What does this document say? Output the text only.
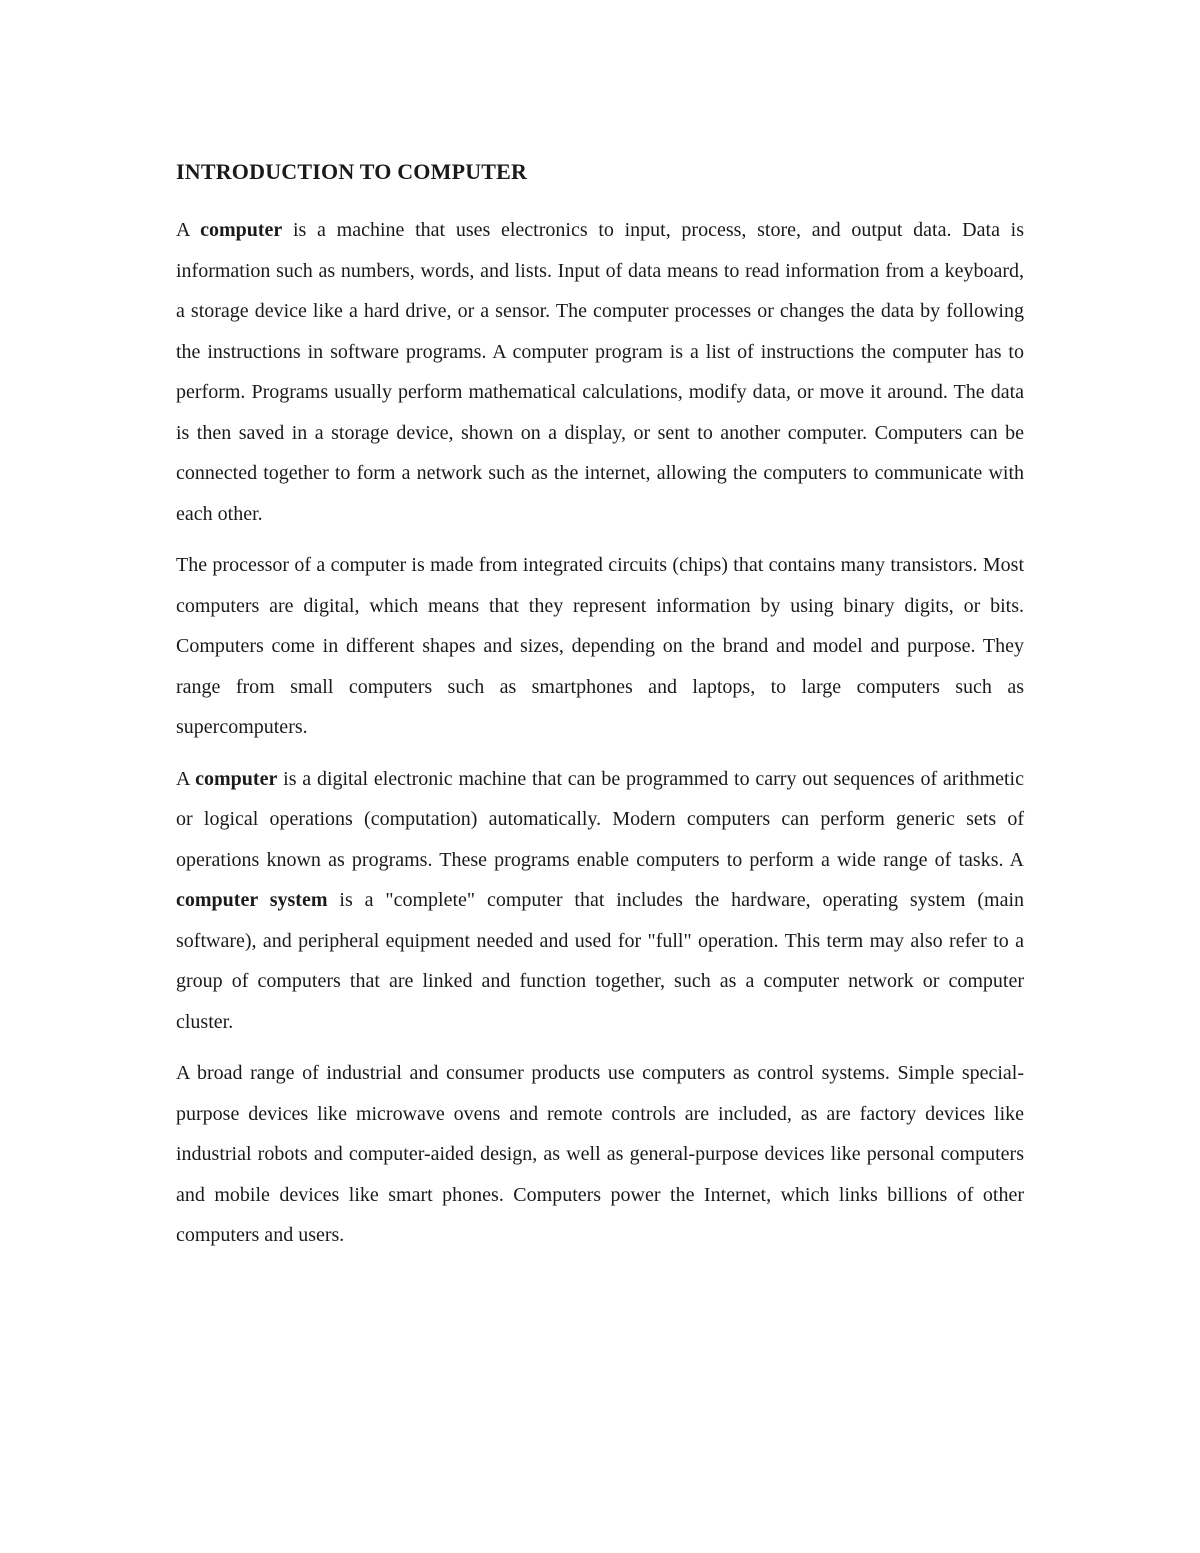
INTRODUCTION TO COMPUTER

A computer is a machine that uses electronics to input, process, store, and output data. Data is information such as numbers, words, and lists. Input of data means to read information from a keyboard, a storage device like a hard drive, or a sensor. The computer processes or changes the data by following the instructions in software programs. A computer program is a list of instructions the computer has to perform. Programs usually perform mathematical calculations, modify data, or move it around. The data is then saved in a storage device, shown on a display, or sent to another computer. Computers can be connected together to form a network such as the internet, allowing the computers to communicate with each other.

The processor of a computer is made from integrated circuits (chips) that contains many transistors. Most computers are digital, which means that they represent information by using binary digits, or bits. Computers come in different shapes and sizes, depending on the brand and model and purpose. They range from small computers such as smartphones and laptops, to large computers such as supercomputers.

A computer is a digital electronic machine that can be programmed to carry out sequences of arithmetic or logical operations (computation) automatically. Modern computers can perform generic sets of operations known as programs. These programs enable computers to perform a wide range of tasks. A computer system is a "complete" computer that includes the hardware, operating system (main software), and peripheral equipment needed and used for "full" operation. This term may also refer to a group of computers that are linked and function together, such as a computer network or computer cluster.

A broad range of industrial and consumer products use computers as control systems. Simple special-purpose devices like microwave ovens and remote controls are included, as are factory devices like industrial robots and computer-aided design, as well as general-purpose devices like personal computers and mobile devices like smart phones. Computers power the Internet, which links billions of other computers and users.
